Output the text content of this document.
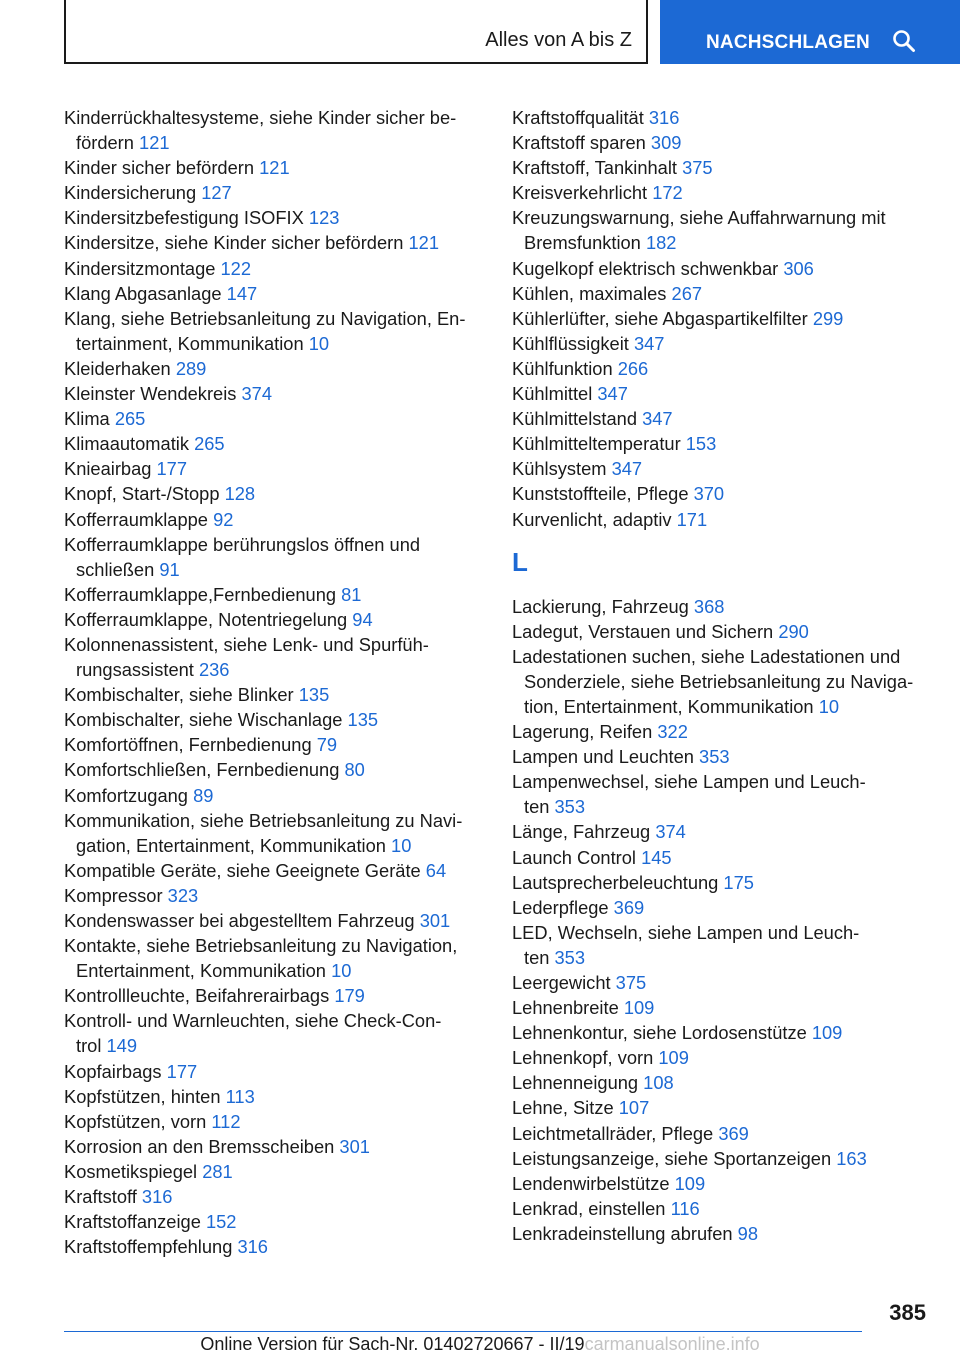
Alles von A bis Z	NACHSCHLAGEN
Kinderrückhaltesysteme, siehe Kinder sicher be-
fördern 121
Kinder sicher befördern 121
Kindersicherung 127
Kindersitzbefestigung ISOFIX 123
Kindersitze, siehe Kinder sicher befördern 121
Kindersitzmontage 122
Klang Abgasanlage 147
Klang, siehe Betriebsanleitung zu Navigation, En-
tertainment, Kommunikation 10
Kleiderhaken 289
Kleinster Wendekreis 374
Klima 265
Klimaautomatik 265
Knieairbag 177
Knopf, Start-/Stopp 128
Kofferraumklappe 92
Kofferraumklappe berührungslos öffnen und
schließen 91
Kofferraumklappe,Fernbedienung 81
Kofferraumklappe, Notentriegelung 94
Kolonnenassistent, siehe Lenk- und Spurfüh-
rungsassistent 236
Kombischalter, siehe Blinker 135
Kombischalter, siehe Wischanlage 135
Komfortöffnen, Fernbedienung 79
Komfortschließen, Fernbedienung 80
Komfortzugang 89
Kommunikation, siehe Betriebsanleitung zu Navi-
gation, Entertainment, Kommunikation 10
Kompatible Geräte, siehe Geeignete Geräte 64
Kompressor 323
Kondenswasser bei abgestelltem Fahrzeug 301
Kontakte, siehe Betriebsanleitung zu Navigation,
Entertainment, Kommunikation 10
Kontrollleuchte, Beifahrerairbags 179
Kontroll- und Warnleuchten, siehe Check-Con-
trol 149
Kopfairbags 177
Kopfstützen, hinten 113
Kopfstützen, vorn 112
Korrosion an den Bremsscheiben 301
Kosmetikspiegel 281
Kraftstoff 316
Kraftstoffanzeige 152
Kraftstoffempfehlung 316
Kraftstoffqualität 316
Kraftstoff sparen 309
Kraftstoff, Tankinhalt 375
Kreisverkehrlicht 172
Kreuzungswarnung, siehe Auffahrwarnung mit
Bremsfunktion 182
Kugelkopf elektrisch schwenkbar 306
Kühlen, maximales 267
Kühlerlüfter, siehe Abgaspartikelfilter 299
Kühlflüssigkeit 347
Kühlfunktion 266
Kühlmittel 347
Kühlmittelstand 347
Kühlmitteltemperatur 153
Kühlsystem 347
Kunststoffteile, Pflege 370
Kurvenlicht, adaptiv 171
L
Lackierung, Fahrzeug 368
Ladegut, Verstauen und Sichern 290
Ladestationen suchen, siehe Ladestationen und
Sonderziele, siehe Betriebsanleitung zu Naviga-
tion, Entertainment, Kommunikation 10
Lagerung, Reifen 322
Lampen und Leuchten 353
Lampenwechsel, siehe Lampen und Leuch-
ten 353
Länge, Fahrzeug 374
Launch Control 145
Lautsprecherbeleuchtung 175
Lederpflege 369
LED, Wechseln, siehe Lampen und Leuch-
ten 353
Leergewicht 375
Lehnenbreite 109
Lehnenkontur, siehe Lordosenstütze 109
Lehnenkopf, vorn 109
Lehnenneigung 108
Lehne, Sitze 107
Leichtmetallräder, Pflege 369
Leistungsanzeige, siehe Sportanzeigen 163
Lendenwirbelstütze 109
Lenkrad, einstellen 116
Lenkradeinstellung abrufen 98
385
Online Version für Sach-Nr. 01402720667 - II/19carmanualsonline.info
